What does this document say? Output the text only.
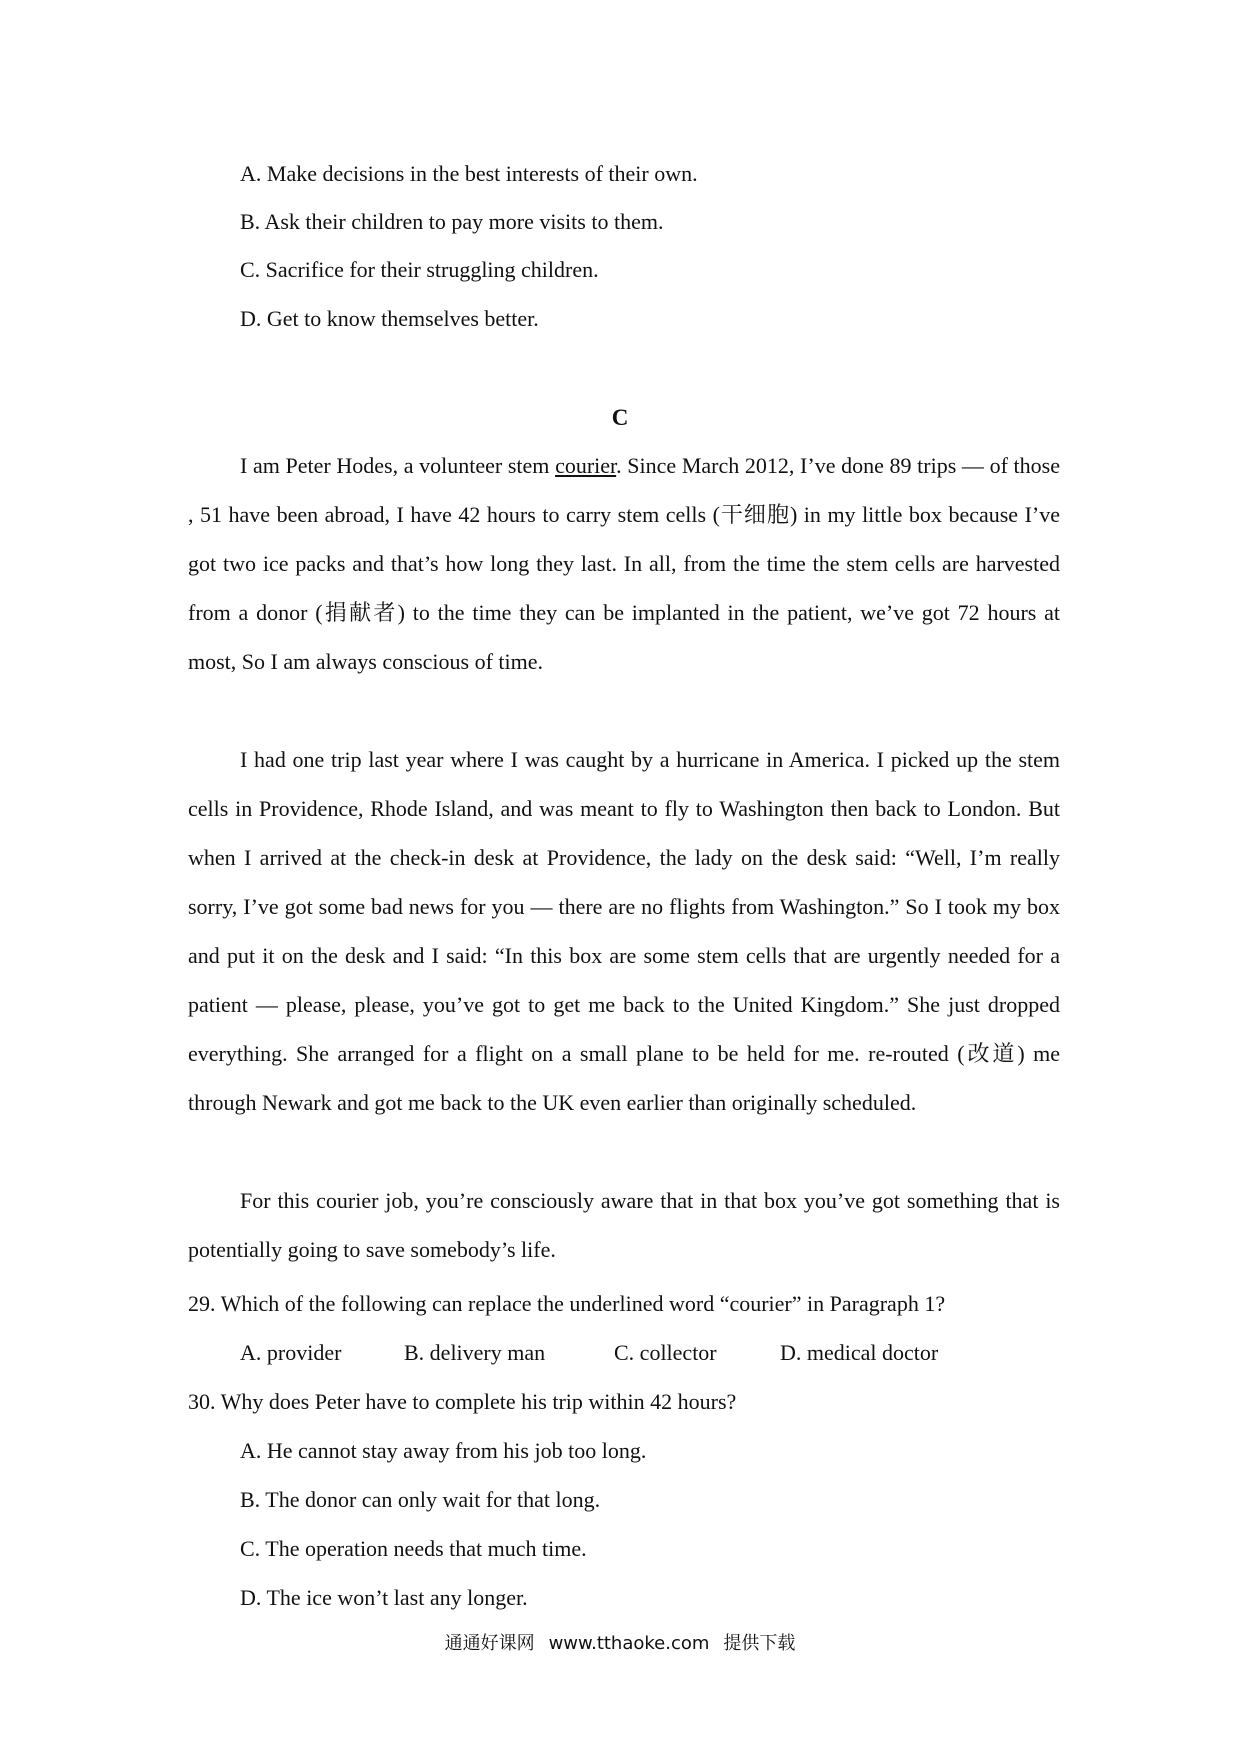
A. Make decisions in the best interests of their own.
B. Ask their children to pay more visits to them.
C. Sacrifice for their struggling children.
D. Get to know themselves better.
C
I am Peter Hodes, a volunteer stem courier. Since March 2012, I’ve done 89 trips — of those , 51 have been abroad, I have 42 hours to carry stem cells (干细胞) in my little box because I’ve got two ice packs and that’s how long they last. In all, from the time the stem cells are harvested from a donor (捐献者) to the time they can be implanted in the patient, we’ve got 72 hours at most, So I am always conscious of time.
I had one trip last year where I was caught by a hurricane in America. I picked up the stem cells in Providence, Rhode Island, and was meant to fly to Washington then back to London. But when I arrived at the check-in desk at Providence, the lady on the desk said: “Well, I’m really sorry, I’ve got some bad news for you — there are no flights from Washington.” So I took my box and put it on the desk and I said: “In this box are some stem cells that are urgently needed for a patient — please, please, you’ve got to get me back to the United Kingdom.” She just dropped everything. She arranged for a flight on a small plane to be held for me. re-routed (改道) me through Newark and got me back to the UK even earlier than originally scheduled.
For this courier job, you’re consciously aware that in that box you’ve got something that is potentially going to save somebody’s life.
29. Which of the following can replace the underlined word “courier” in Paragraph 1?
A. provider	B. delivery man	C. collector	D. medical doctor
30. Why does Peter have to complete his trip within 42 hours?
A. He cannot stay away from his job too long.
B. The donor can only wait for that long.
C. The operation needs that much time.
D. The ice won’t last any longer.
通通好课网 www.tthaoke.com 提供下载
